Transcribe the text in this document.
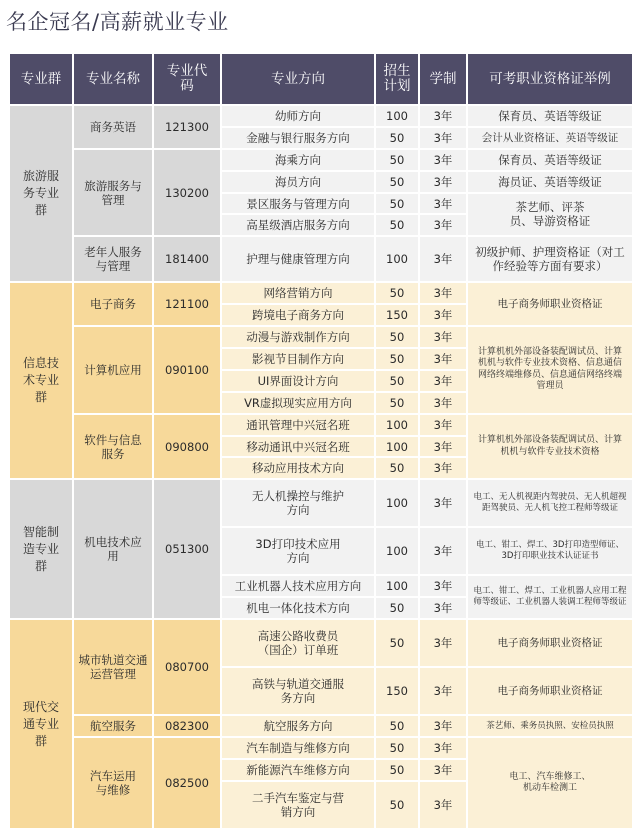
名企冠名/高薪就业专业
专业群	专业名称	专业代码	专业方向	招生计划	学制	可考职业资格证举例
旅游服务专业群	商务英语	121300	幼师方向	100	3年	保育员、英语等级证
			金融与银行服务方向	50	3年	会计从业资格证、英语等级证
	旅游服务与管理	130200	海乘方向	50	3年	保育员、英语等级证
			海员方向	50	3年	海员证、英语等级证
			景区服务与管理方向	50	3年	茶艺师、评茶员、导游资格证
			高星级酒店服务方向	50	3年	
	老年人服务与管理	181400	护理与健康管理方向	100	3年	初级护师、护理资格证（对工作经验等方面有要求）
信息技术专业群	电子商务	121100	网络营销方向	50	3年	电子商务师职业资格证
			跨境电子商务方向	150	3年	
	计算机应用	090100	动漫与游戏制作方向	50	3年	计算机机外部设备装配调试员、计算机机与软件专业技术资格、信息通信网络终端维修员、信息通信网络终端管理员
			影视节目制作方向	50	3年	
			UI界面设计方向	50	3年	
			VR虚拟现实应用方向	50	3年	
	软件与信息服务	090800	通讯管理中兴冠名班	100	3年	计算机机外部设备装配调试员、计算机机与软件专业技术资格
			移动通讯中兴冠名班	100	3年	
			移动应用技术方向	50	3年	
智能制造专业群	机电技术应用	051300	无人机操控与维护方向	100	3年	电工、无人机视距内驾驶员、无人机超视距驾驶员、无人机飞控工程师等级证
			3D打印技术应用方向	100	3年	电工、钳工、焊工、3D打印造型师证、3D打印职业技术认证证书
			工业机器人技术应用方向	100	3年	电工、钳工、焊工、工业机器人应用工程师等级证、工业机器人装调工程师等级证
			机电一体化技术方向	50	3年	
现代交通专业群	城市轨道交通运营管理	080700	高速公路收费员（国企）订单班	50	3年	电子商务师职业资格证
			高铁与轨道交通服务方向	150	3年	电子商务师职业资格证
	航空服务	082300	航空服务方向	50	3年	茶艺师、乘务员执照、安检员执照
	汽车运用与维修	082500	汽车制造与维修方向	50	3年	电工、汽车维修工、机动车检测工
			新能源汽车维修方向	50	3年	
			二手汽车鉴定与营销方向	50	3年	
